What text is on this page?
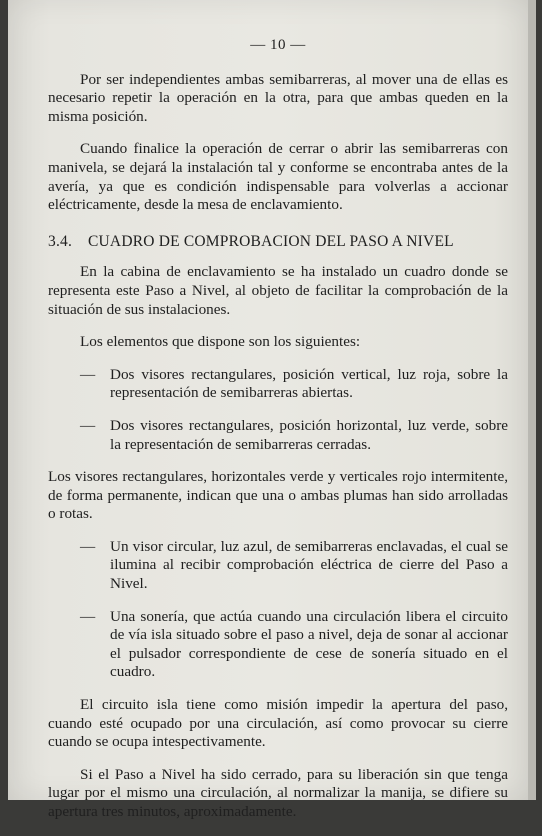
— 10 —

Por ser independientes ambas semibarreras, al mover una de ellas es necesario repetir la operación en la otra, para que ambas queden en la misma posición.

Cuando finalice la operación de cerrar o abrir las semibarreras con manivela, se dejará la instalación tal y conforme se encontraba antes de la avería, ya que es condición indispensable para volverlas a accionar eléctricamente, desde la mesa de enclavamiento.

3.4. CUADRO DE COMPROBACION DEL PASO A NIVEL

En la cabina de enclavamiento se ha instalado un cuadro donde se representa este Paso a Nivel, al objeto de facilitar la comprobación de la situación de sus instalaciones.

Los elementos que dispone son los siguientes:

— Dos visores rectangulares, posición vertical, luz roja, sobre la representación de semibarreras abiertas.
— Dos visores rectangulares, posición horizontal, luz verde, sobre la representación de semibarreras cerradas.

Los visores rectangulares, horizontales verde y verticales rojo intermitente, de forma permanente, indican que una o ambas plumas han sido arrolladas o rotas.

— Un visor circular, luz azul, de semibarreras enclavadas, el cual se ilumina al recibir comprobación eléctrica de cierre del Paso a Nivel.
— Una sonería, que actúa cuando una circulación libera el circuito de vía isla situado sobre el paso a nivel, deja de sonar al accionar el pulsador correspondiente de cese de sonería situado en el cuadro.

El circuito isla tiene como misión impedir la apertura del paso, cuando esté ocupado por una circulación, así como provocar su cierre cuando se ocupa intespectivamente.

Si el Paso a Nivel ha sido cerrado, para su liberación sin que tenga lugar por el mismo una circulación, al normalizar la manija, se difiere su apertura tres minutos, aproximadamente.
